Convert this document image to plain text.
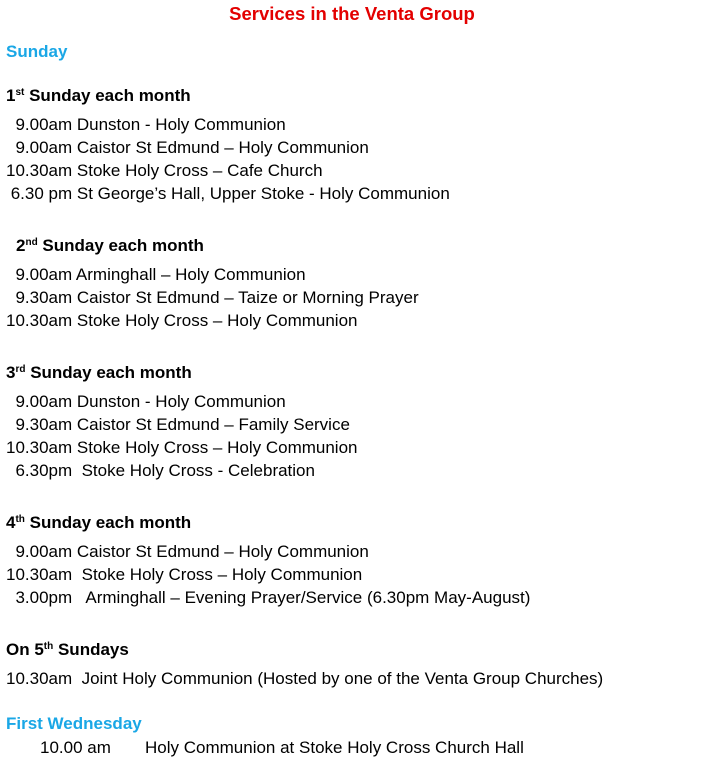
Services in the Venta Group
Sunday
1st Sunday each month
9.00am Dunston - Holy Communion
9.00am Caistor St Edmund – Holy Communion
10.30am Stoke Holy Cross – Cafe Church
6.30 pm St George’s Hall, Upper Stoke - Holy Communion
2nd Sunday each month
9.00am Arminghall – Holy Communion
9.30am Caistor St Edmund – Taize or Morning Prayer
10.30am Stoke Holy Cross – Holy Communion
3rd Sunday each month
9.00am Dunston - Holy Communion
9.30am Caistor St Edmund – Family Service
10.30am Stoke Holy Cross – Holy Communion
6.30pm  Stoke Holy Cross - Celebration
4th Sunday each month
9.00am Caistor St Edmund – Holy Communion
10.30am  Stoke Holy Cross – Holy Communion
3.00pm   Arminghall – Evening Prayer/Service (6.30pm May-August)
On 5th Sundays
10.30am  Joint Holy Communion (Hosted by one of the Venta Group Churches)
First Wednesday
10.00 am Holy Communion at Stoke Holy Cross Church Hall
